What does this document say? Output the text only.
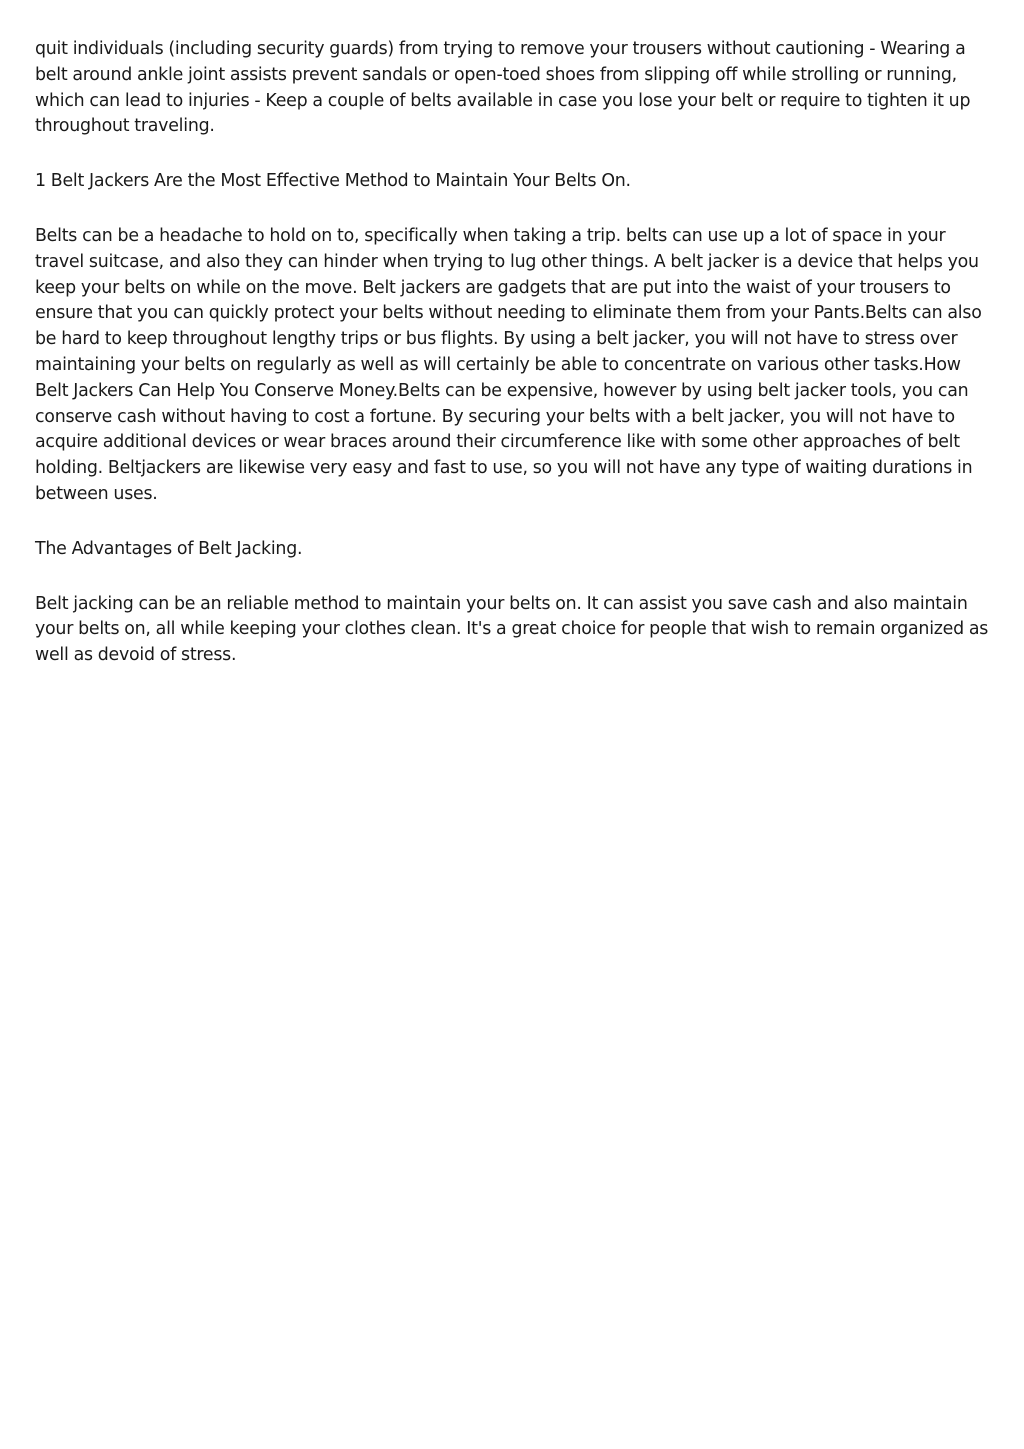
quit individuals (including security guards) from trying to remove your trousers without cautioning - Wearing a belt around ankle joint assists prevent sandals or open-toed shoes from slipping off while strolling or running, which can lead to injuries - Keep a couple of belts available in case you lose your belt or require to tighten it up throughout traveling.

1 Belt Jackers Are the Most Effective Method to Maintain Your Belts On.

Belts can be a headache to hold on to, specifically when taking a trip. belts can use up a lot of space in your travel suitcase, and also they can hinder when trying to lug other things. A belt jacker is a device that helps you keep your belts on while on the move. Belt jackers are gadgets that are put into the waist of your trousers to ensure that you can quickly protect your belts without needing to eliminate them from your Pants.Belts can also be hard to keep throughout lengthy trips or bus flights. By using a belt jacker, you will not have to stress over maintaining your belts on regularly as well as will certainly be able to concentrate on various other tasks.How Belt Jackers Can Help You Conserve Money.Belts can be expensive, however by using belt jacker tools, you can conserve cash without having to cost a fortune. By securing your belts with a belt jacker, you will not have to acquire additional devices or wear braces around their circumference like with some other approaches of belt holding. Beltjackers are likewise very easy and fast to use, so you will not have any type of waiting durations in between uses.

The Advantages of Belt Jacking.

Belt jacking can be an reliable method to maintain your belts on. It can assist you save cash and also maintain your belts on, all while keeping your clothes clean. It's a great choice for people that wish to remain organized as well as devoid of stress.
